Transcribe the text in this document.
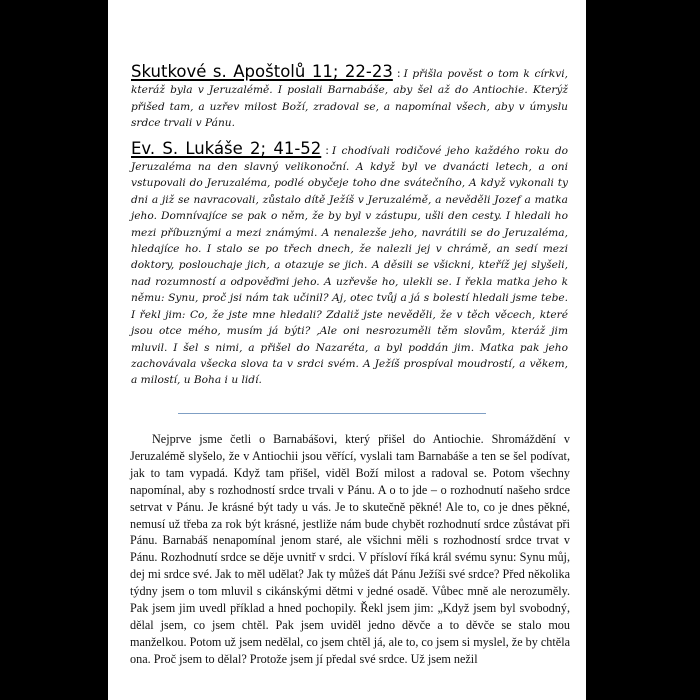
Skutkové s. Apoštolů 11; 22-23 : I přišla pověst o tom k církvi, kteráž byla v Jeruzalémě. I poslali Barnabáše, aby šel až do Antiochie. Kterýž přišed tam, a uzřev milost Boží, zradoval se, a napomínal všech, aby v úmyslu srdce trvali v Pánu.

Ev. S. Lukáše 2; 41-52 : I chodívali rodičové jeho každého roku do Jeruzaléma na den slavný velikonoční. A když byl ve dvanácti letech, a oni vstupovali do Jeruzaléma, podlé obyčeje toho dne svátečního, A když vykonali ty dni a již se navracovali, zůstalo dítě Ježíš v Jeruzalémě, a nevěděli Jozef a matka jeho. Domnívajíce se pak o něm, že by byl v zástupu, ušli den cesty. I hledali ho mezi příbuznými a mezi známými. A nenalezše jeho, navrátili se do Jeruzaléma, hledajíce ho. I stalo se po třech dnech, že nalezli jej v chrámě, an sedí mezi doktory, poslouchaje jich, a otazuje se jich. A děsili se všickni, kteříž jej slyšeli, nad rozumností a odpověďmi jeho. A uzřevše ho, ulekli se. I řekla matka jeho k němu: Synu, proč jsi nám tak učinil? Aj, otec tvůj a já s bolestí hledali jsme tebe. I řekl jim: Co, že jste mne hledali? Zdaliž jste nevěděli, že v těch věcech, které jsou otce mého, musím já býti? ,Ale oni nesrozuměli těm slovům, kteráž jim mluvil. I šel s nimi, a přišel do Nazaréta, a byl poddán jim. Matka pak jeho zachovávala všecka slova ta v srdci svém. A Ježíš prospíval moudrostí, a věkem, a milostí, u Boha i u lidí.

Nejprve jsme četli o Barnabášovi, který přišel do Antiochie. Shromáždění v Jeruzalémě slyšelo, že v Antiochii jsou věřící, vyslali tam Barnabáše a ten se šel podívat, jak to tam vypadá. Když tam přišel, viděl Boží milost a radoval se. Potom všechny napomínal, aby s rozhodností srdce trvali v Pánu. A o to jde – o rozhodnutí našeho srdce setrvat v Pánu. Je krásné být tady u vás. Je to skutečně pěkné! Ale to, co je dnes pěkné, nemusí už třeba za rok být krásné, jestliže nám bude chybět rozhodnutí srdce zůstávat při Pánu. Barnabáš nenapomínal jenom staré, ale všichni měli s rozhodností srdce trvat v Pánu. Rozhodnutí srdce se děje uvnitř v srdci. V přísloví říká král svému synu: Synu můj, dej mi srdce své. Jak to měl udělat? Jak ty můžeš dát Pánu Ježíši své srdce? Před několika týdny jsem o tom mluvil s cikánskými dětmi v jedné osadě. Vůbec mně ale nerozuměly. Pak jsem jim uvedl příklad a hned pochopily. Řekl jsem jim: „Když jsem byl svobodný, dělal jsem, co jsem chtěl. Pak jsem uviděl jedno děvče a to děvče se stalo mou manželkou. Potom už jsem nedělal, co jsem chtěl já, ale to, co jsem si myslel, že by chtěla ona. Proč jsem to dělal? Protože jsem jí předal své srdce. Už jsem nežil
